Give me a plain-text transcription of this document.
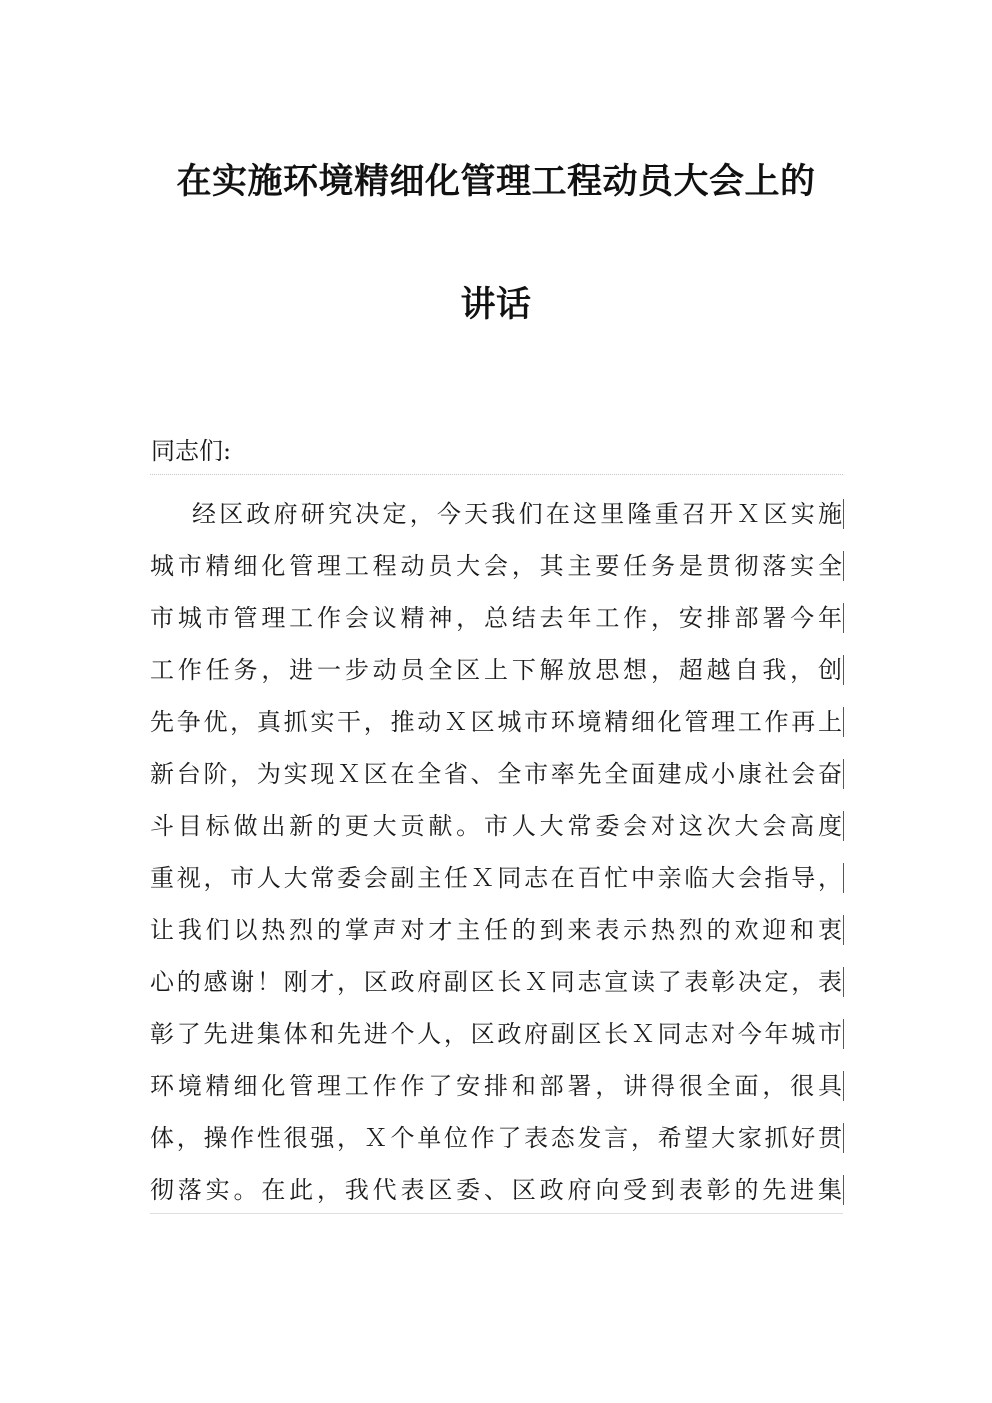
在实施环境精细化管理工程动员大会上的
讲话
同志们:
经区政府研究决定，今天我们在这里隆重召开Ｘ区实施
城市精细化管理工程动员大会，其主要任务是贯彻落实全
市城市管理工作会议精神，总结去年工作，安排部署今年
工作任务，进一步动员全区上下解放思想，超越自我，创
先争优，真抓实干，推动Ｘ区城市环境精细化管理工作再上
新台阶，为实现Ｘ区在全省、全市率先全面建成小康社会奋
斗目标做出新的更大贡献。市人大常委会对这次大会高度
重视，市人大常委会副主任Ｘ同志在百忙中亲临大会指导，
让我们以热烈的掌声对才主任的到来表示热烈的欢迎和衷
心的感谢！刚才，区政府副区长Ｘ同志宣读了表彰决定，表
彰了先进集体和先进个人，区政府副区长Ｘ同志对今年城市
环境精细化管理工作作了安排和部署，讲得很全面，很具
体，操作性很强，Ｘ个单位作了表态发言，希望大家抓好贯
彻落实。在此，我代表区委、区政府向受到表彰的先进集
